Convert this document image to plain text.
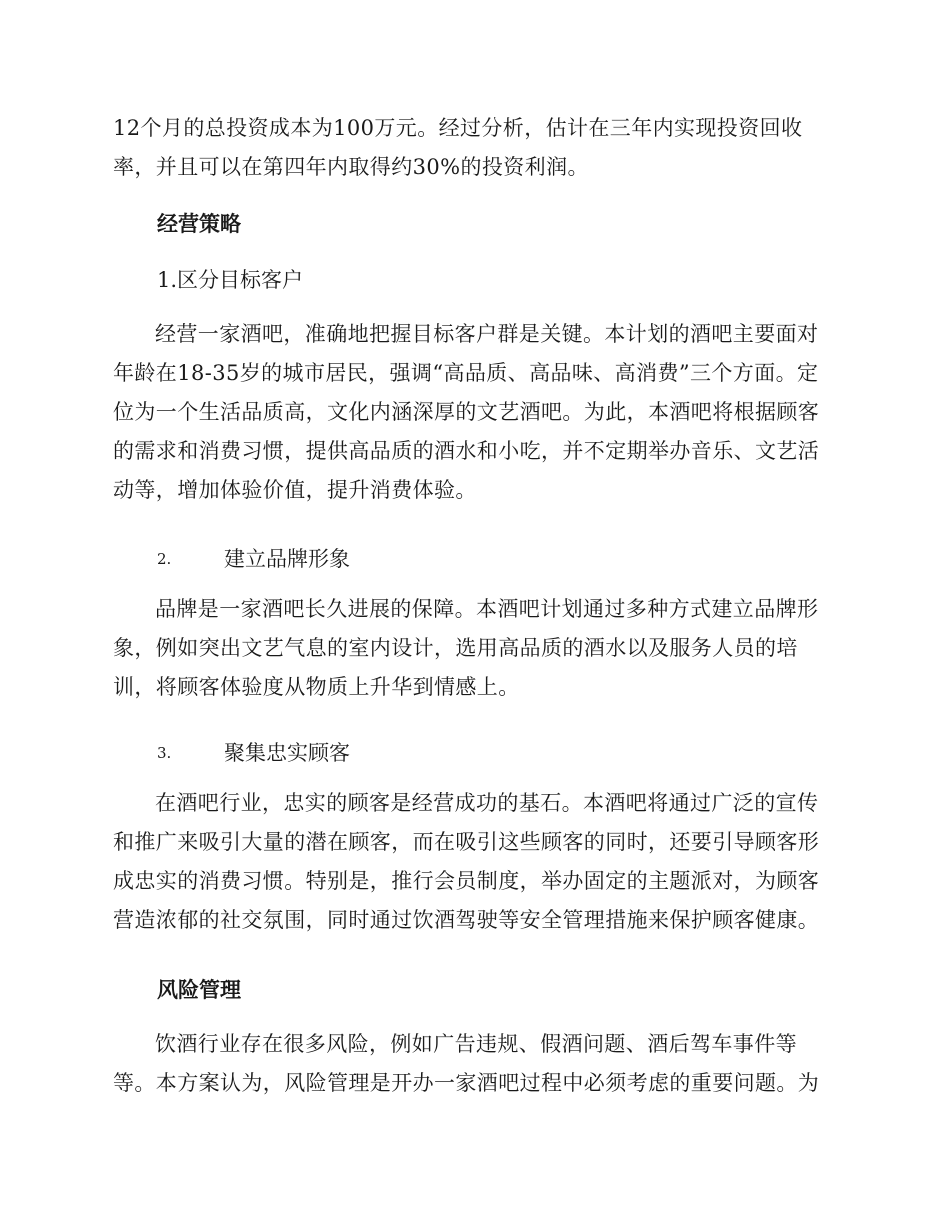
12个月的总投资成本为100万元。经过分析，估计在三年内实现投资回收率，并且可以在第四年内取得约30%的投资利润。

经营策略

1.区分目标客户

经营一家酒吧，准确地把握目标客户群是关键。本计划的酒吧主要面对年龄在18-35岁的城市居民，强调“高品质、高品味、高消费”三个方面。定位为一个生活品质高，文化内涵深厚的文艺酒吧。为此，本酒吧将根据顾客的需求和消费习惯，提供高品质的酒水和小吃，并不定期举办音乐、文艺活动等，增加体验价值，提升消费体验。

2.	建立品牌形象

品牌是一家酒吧长久进展的保障。本酒吧计划通过多种方式建立品牌形象，例如突出文艺气息的室内设计，选用高品质的酒水以及服务人员的培训，将顾客体验度从物质上升华到情感上。

3.	聚集忠实顾客

在酒吧行业，忠实的顾客是经营成功的基石。本酒吧将通过广泛的宣传和推广来吸引大量的潜在顾客，而在吸引这些顾客的同时，还要引导顾客形成忠实的消费习惯。特别是，推行会员制度，举办固定的主题派对，为顾客营造浓郁的社交氛围，同时通过饮酒驾驶等安全管理措施来保护顾客健康。

风险管理

饮酒行业存在很多风险，例如广告违规、假酒问题、酒后驾车事件等等。本方案认为，风险管理是开办一家酒吧过程中必须考虑的重要问题。为
